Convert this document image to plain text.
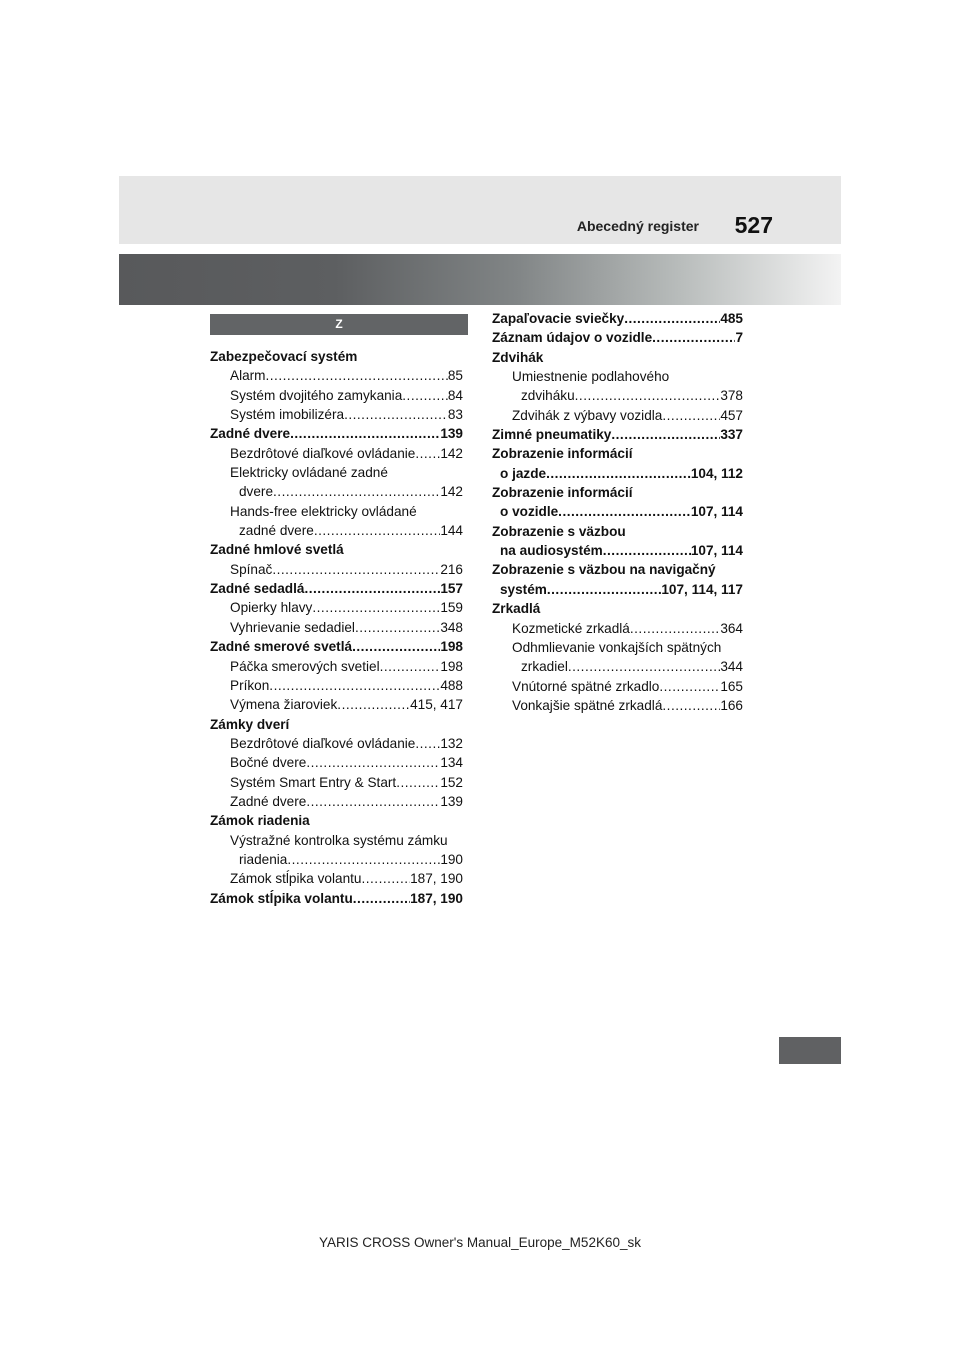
Abecedný register 527
Z
Zabezpečovací systém
Alarm .....	85
Systém dvojitého zamykania .....	84
Systém imobilizéra .....	83
Zadné dvere .....	139
Bezdrôtové diaľkové ovládanie ..... 142
Elektricky ovládané zadné
dvere .....	142
Hands-free elektricky ovládané
zadné dvere .....	144
Zadné hmlové svetlá
Spínač .....	216
Zadné sedadlá .....	157
Opierky hlavy .....	159
Vyhrievanie sedadiel .....	348
Zadné smerové svetlá .....	198
Páčka smerových svetiel .....	198
Príkon .....	488
Výmena žiaroviek .....	415, 417
Zámky dverí
Bezdrôtové diaľkové ovládanie ..... 132
Bočné dvere .....	134
Systém Smart Entry & Start .....	152
Zadné dvere .....	139
Zámok riadenia
Výstražné kontrolka systému zámku
riadenia .....	190
Zámok stĺpika volantu .....	187, 190
Zámok stĺpika volantu .....	187, 190
Zapaľovacie sviečky .....	485
Záznam údajov o vozidle .....	7
Zdvihák
Umiestnenie podlahového
zdviháku .....	378
Zdvihák z výbavy vozidla .....	457
Zimné pneumatiky .....	337
Zobrazenie informácií
o jazde .....	104, 112
Zobrazenie informácií
o vozidle .....	107, 114
Zobrazenie s väzbou
na audiosystém .....	107, 114
Zobrazenie s väzbou na navigačný
systém .....	107, 114, 117
Zrkadlá
Kozmetické zrkadlá .....	364
Odhmlievanie vonkajších spätných
zrkadiel .....	344
Vnútorné spätné zrkadlo .....	165
Vonkajšie spätné zrkadlá .....	166
YARIS CROSS Owner's Manual_Europe_M52K60_sk
